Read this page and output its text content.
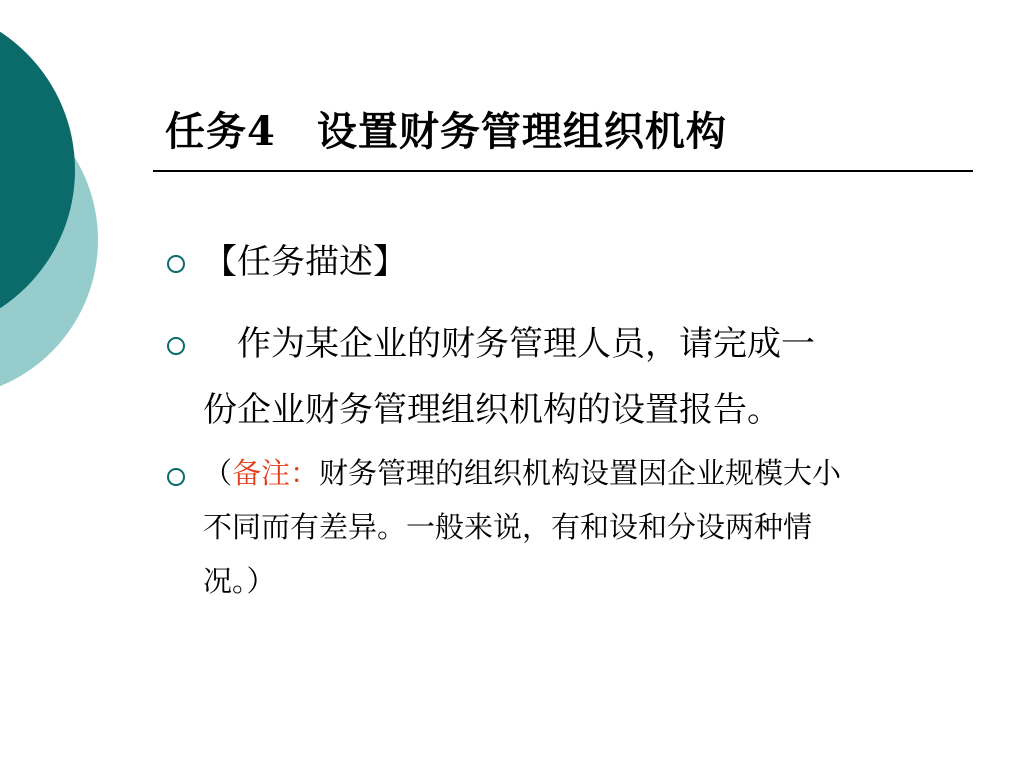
任务4　设置财务管理组织机构
【任务描述】
　作为某企业的财务管理人员，请完成一
份企业财务管理组织机构的设置报告。
（备注：财务管理的组织机构设置因企业规模大小
不同而有差异。一般来说，有和设和分设两种情
况。）
